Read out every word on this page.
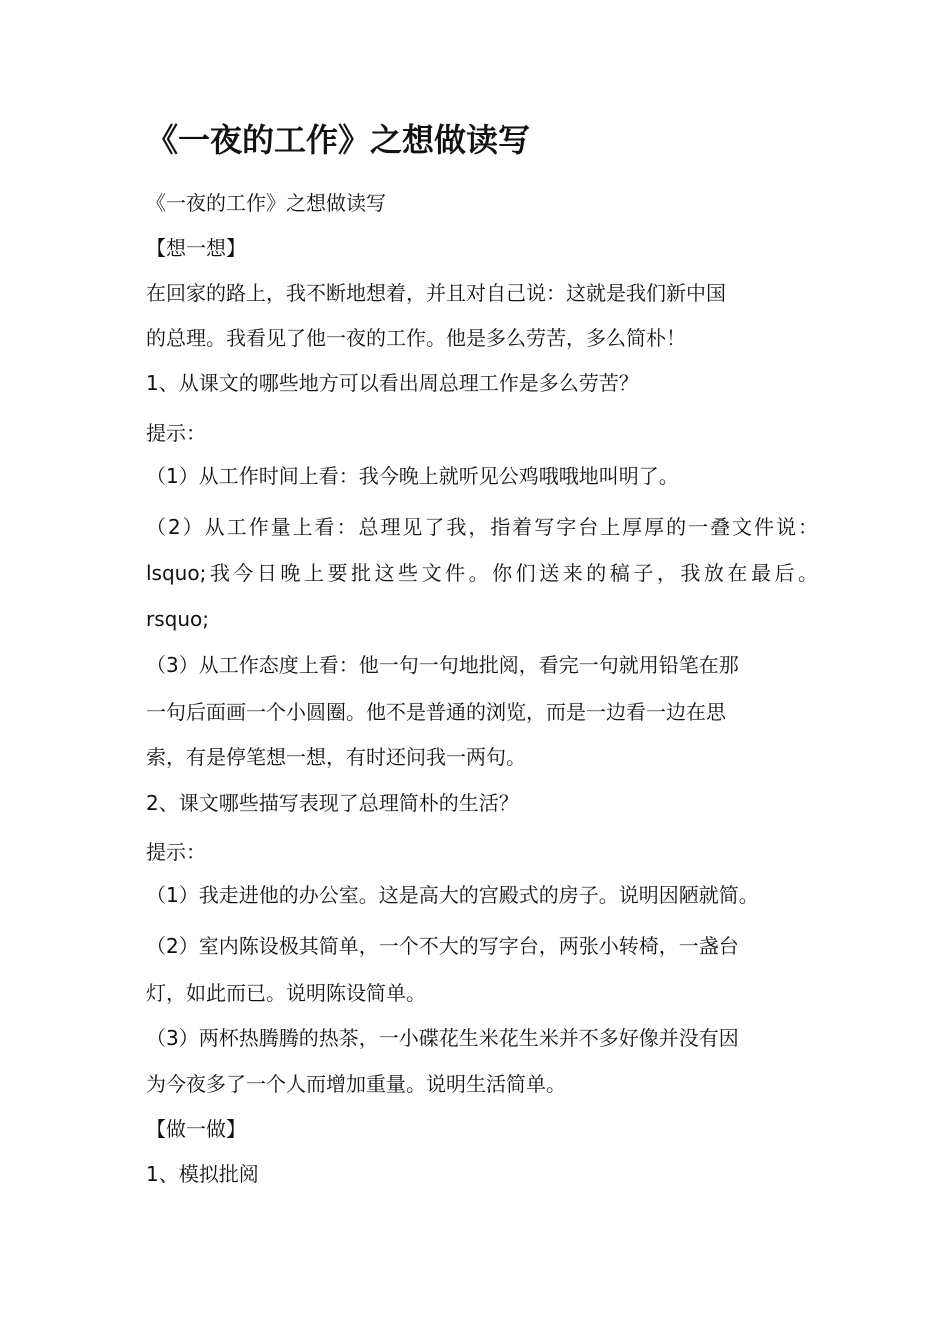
《一夜的工作》之想做读写

《一夜的工作》之想做读写

【想一想】

在回家的路上，我不断地想着，并且对自己说：这就是我们新中国

的总理。我看见了他一夜的工作。他是多么劳苦，多么简朴！

1、从课文的哪些地方可以看出周总理工作是多么劳苦？

提示：

（1）从工作时间上看：我今晚上就听见公鸡哦哦地叫明了。

（2）从工作量上看：总理见了我，指着写字台上厚厚的一叠文件说：

lsquo;我今日晚上要批这些文件。你们送来的稿子，我放在最后。

rsquo;

（3）从工作态度上看：他一句一句地批阅，看完一句就用铅笔在那

一句后面画一个小圆圈。他不是普通的浏览，而是一边看一边在思

索，有是停笔想一想，有时还问我一两句。

2、课文哪些描写表现了总理简朴的生活？

提示：

（1）我走进他的办公室。这是高大的宫殿式的房子。说明因陋就简。

（2）室内陈设极其简单，一个不大的写字台，两张小转椅，一盏台

灯，如此而已。说明陈设简单。

（3）两杯热腾腾的热茶，一小碟花生米花生米并不多好像并没有因

为今夜多了一个人而增加重量。说明生活简单。

【做一做】

1、模拟批阅
